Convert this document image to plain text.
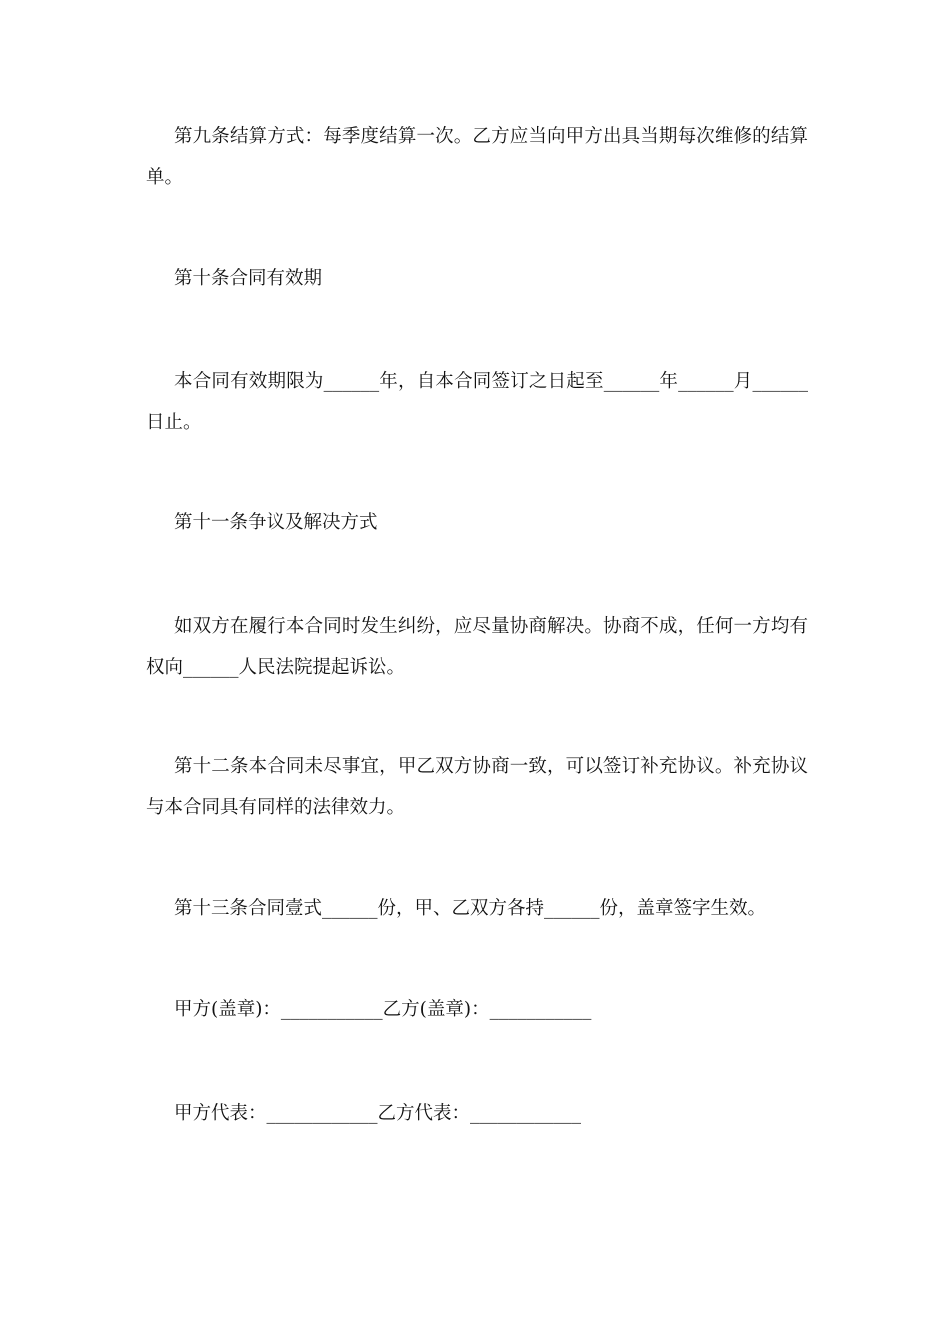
第九条结算方式：每季度结算一次。乙方应当向甲方出具当期每次维修的结算单。

第十条合同有效期

本合同有效期限为______年，自本合同签订之日起至______年______月______日止。

第十一条争议及解决方式

如双方在履行本合同时发生纠纷，应尽量协商解决。协商不成，任何一方均有权向______人民法院提起诉讼。

第十二条本合同未尽事宜，甲乙双方协商一致，可以签订补充协议。补充协议与本合同具有同样的法律效力。

第十三条合同壹式______份，甲、乙双方各持______份，盖章签字生效。

甲方(盖章)：___________乙方(盖章)：___________

甲方代表：____________乙方代表：____________
